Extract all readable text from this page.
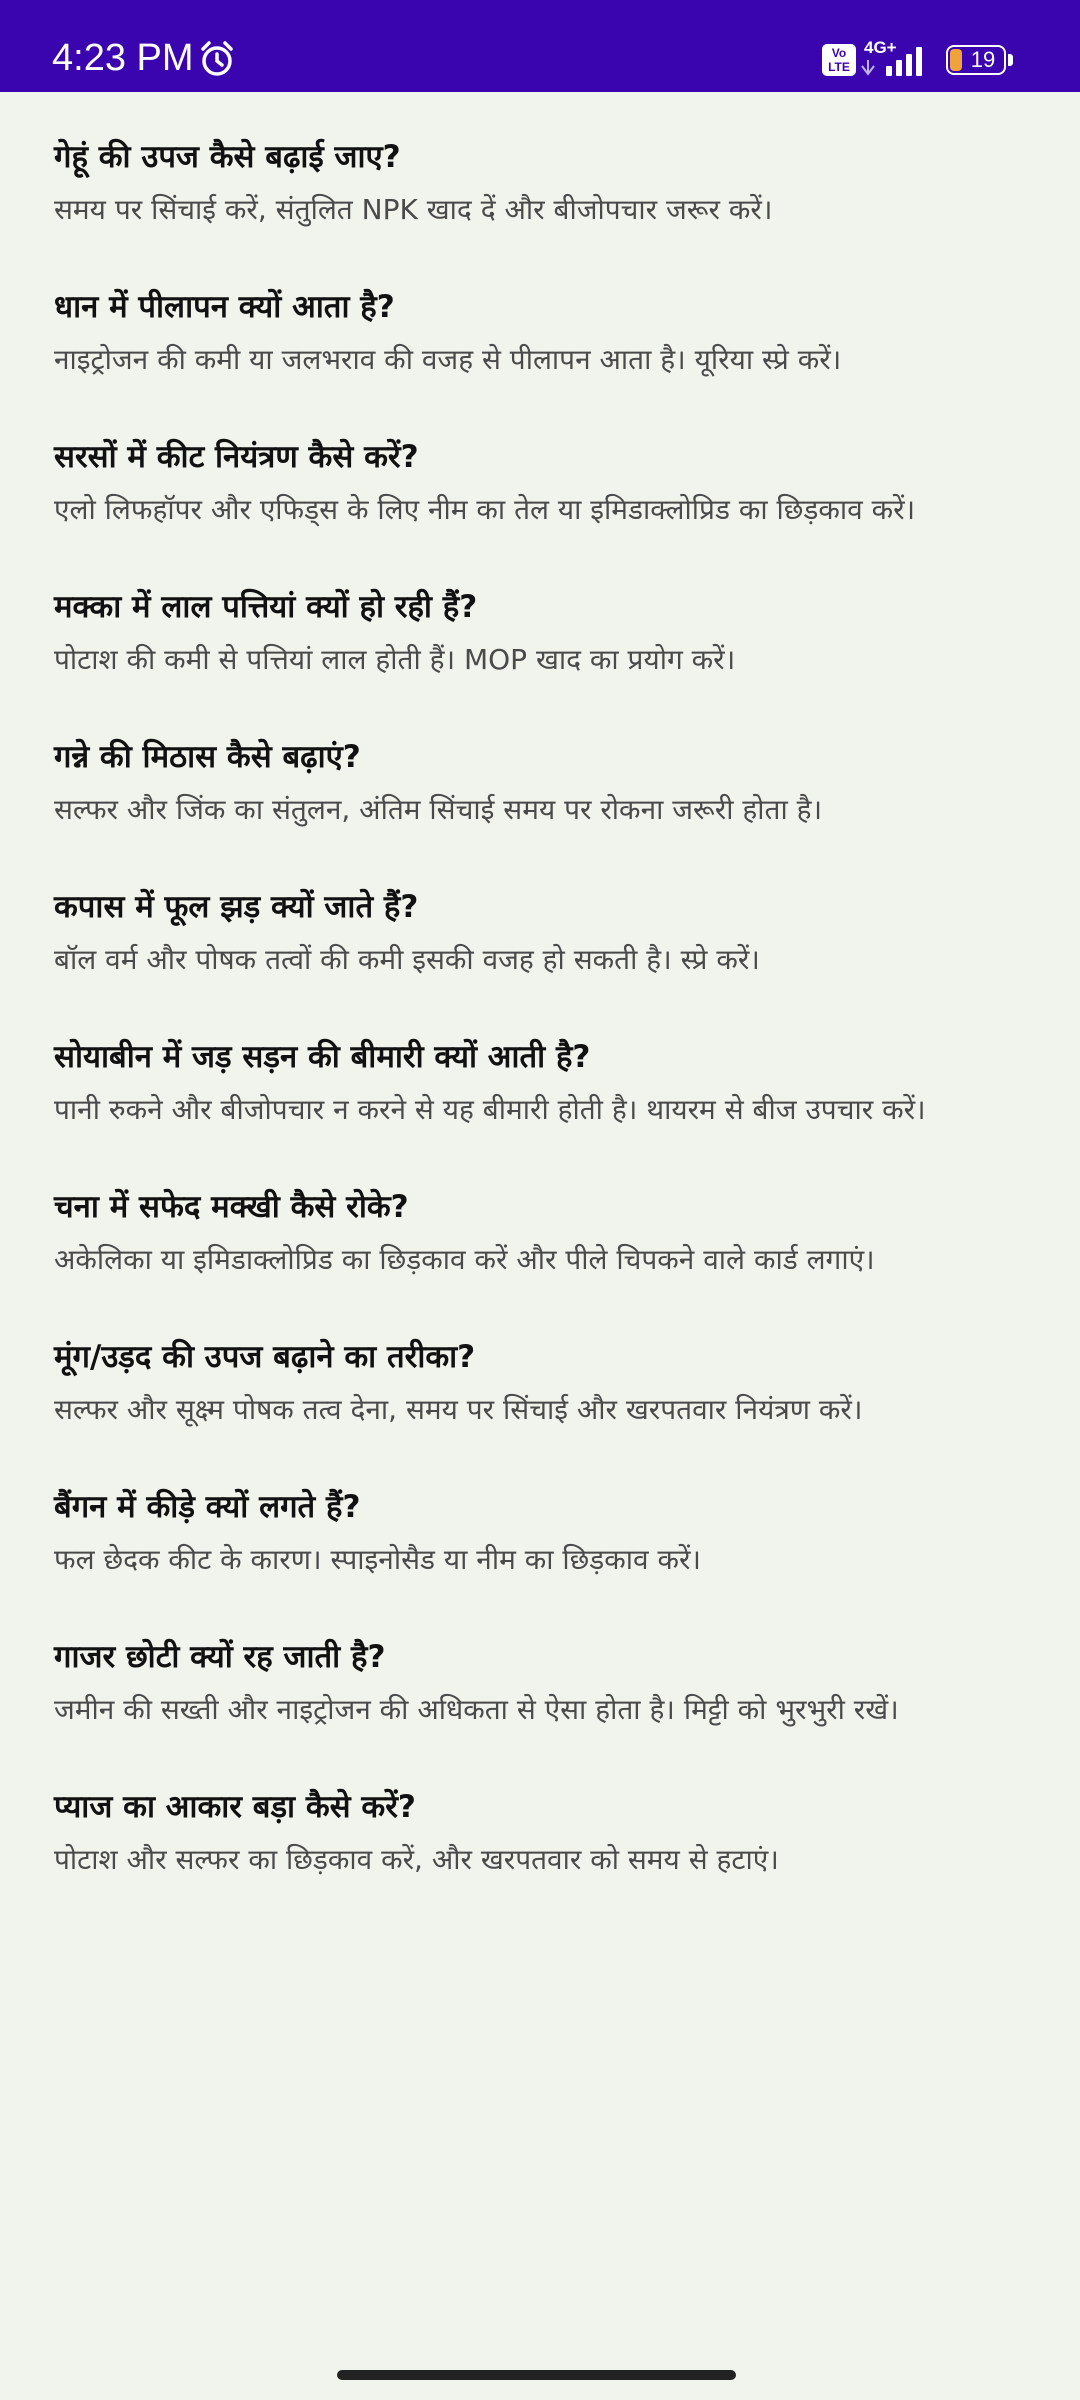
4:23 PM	Vo
LTE
4G+	19
गेहूं की उपज कैसे बढ़ाई जाए?
समय पर सिंचाई करें, संतुलित NPK खाद दें और बीजोपचार जरूर करें।
धान में पीलापन क्यों आता है?
नाइट्रोजन की कमी या जलभराव की वजह से पीलापन आता है। यूरिया स्प्रे करें।
सरसों में कीट नियंत्रण कैसे करें?
एलो लिफहॉपर और एफिड्स के लिए नीम का तेल या इमिडाक्लोप्रिड का छिड़काव करें।
मक्का में लाल पत्तियां क्यों हो रही हैं?
पोटाश की कमी से पत्तियां लाल होती हैं। MOP खाद का प्रयोग करें।
गन्ने की मिठास कैसे बढ़ाएं?
सल्फर और जिंक का संतुलन, अंतिम सिंचाई समय पर रोकना जरूरी होता है।
कपास में फूल झड़ क्यों जाते हैं?
बॉल वर्म और पोषक तत्वों की कमी इसकी वजह हो सकती है। स्प्रे करें।
सोयाबीन में जड़ सड़न की बीमारी क्यों आती है?
पानी रुकने और बीजोपचार न करने से यह बीमारी होती है। थायरम से बीज उपचार करें।
चना में सफेद मक्खी कैसे रोके?
अकेलिका या इमिडाक्लोप्रिड का छिड़काव करें और पीले चिपकने वाले कार्ड लगाएं।
मूंग/उड़द की उपज बढ़ाने का तरीका?
सल्फर और सूक्ष्म पोषक तत्व देना, समय पर सिंचाई और खरपतवार नियंत्रण करें।
बैंगन में कीड़े क्यों लगते हैं?
फल छेदक कीट के कारण। स्पाइनोसैड या नीम का छिड़काव करें।
गाजर छोटी क्यों रह जाती है?
जमीन की सख्ती और नाइट्रोजन की अधिकता से ऐसा होता है। मिट्टी को भुरभुरी रखें।
प्याज का आकार बड़ा कैसे करें?
पोटाश और सल्फर का छिड़काव करें, और खरपतवार को समय से हटाएं।
